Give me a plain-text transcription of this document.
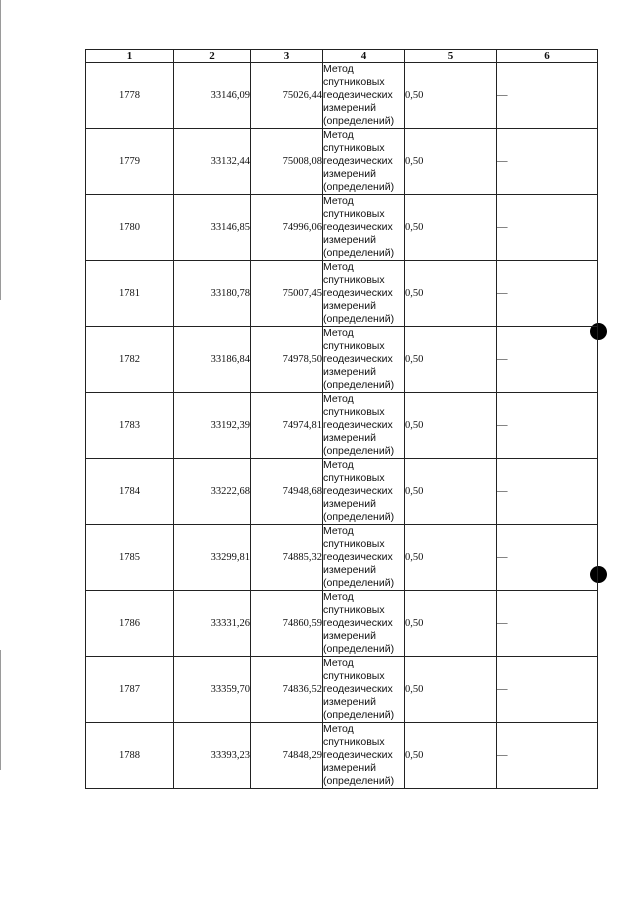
1	2	3	4	5	6
1778	33146,09	75026,44	Метод
спутниковых
геодезических
измерений
(определений)	0,50	—
1779	33132,44	75008,08	Метод
спутниковых
геодезических
измерений
(определений)	0,50	—
1780	33146,85	74996,06	Метод
спутниковых
геодезических
измерений
(определений)	0,50	—
1781	33180,78	75007,45	Метод
спутниковых
геодезических
измерений
(определений)	0,50	—
1782	33186,84	74978,50	Метод
спутниковых
геодезических
измерений
(определений)	0,50	—
1783	33192,39	74974,81	Метод
спутниковых
геодезических
измерений
(определений)	0,50	—
1784	33222,68	74948,68	Метод
спутниковых
геодезических
измерений
(определений)	0,50	—
1785	33299,81	74885,32	Метод
спутниковых
геодезических
измерений
(определений)	0,50	—
1786	33331,26	74860,59	Метод
спутниковых
геодезических
измерений
(определений)	0,50	—
1787	33359,70	74836,52	Метод
спутниковых
геодезических
измерений
(определений)	0,50	—
1788	33393,23	74848,29	Метод
спутниковых
геодезических
измерений
(определений)	0,50	—
